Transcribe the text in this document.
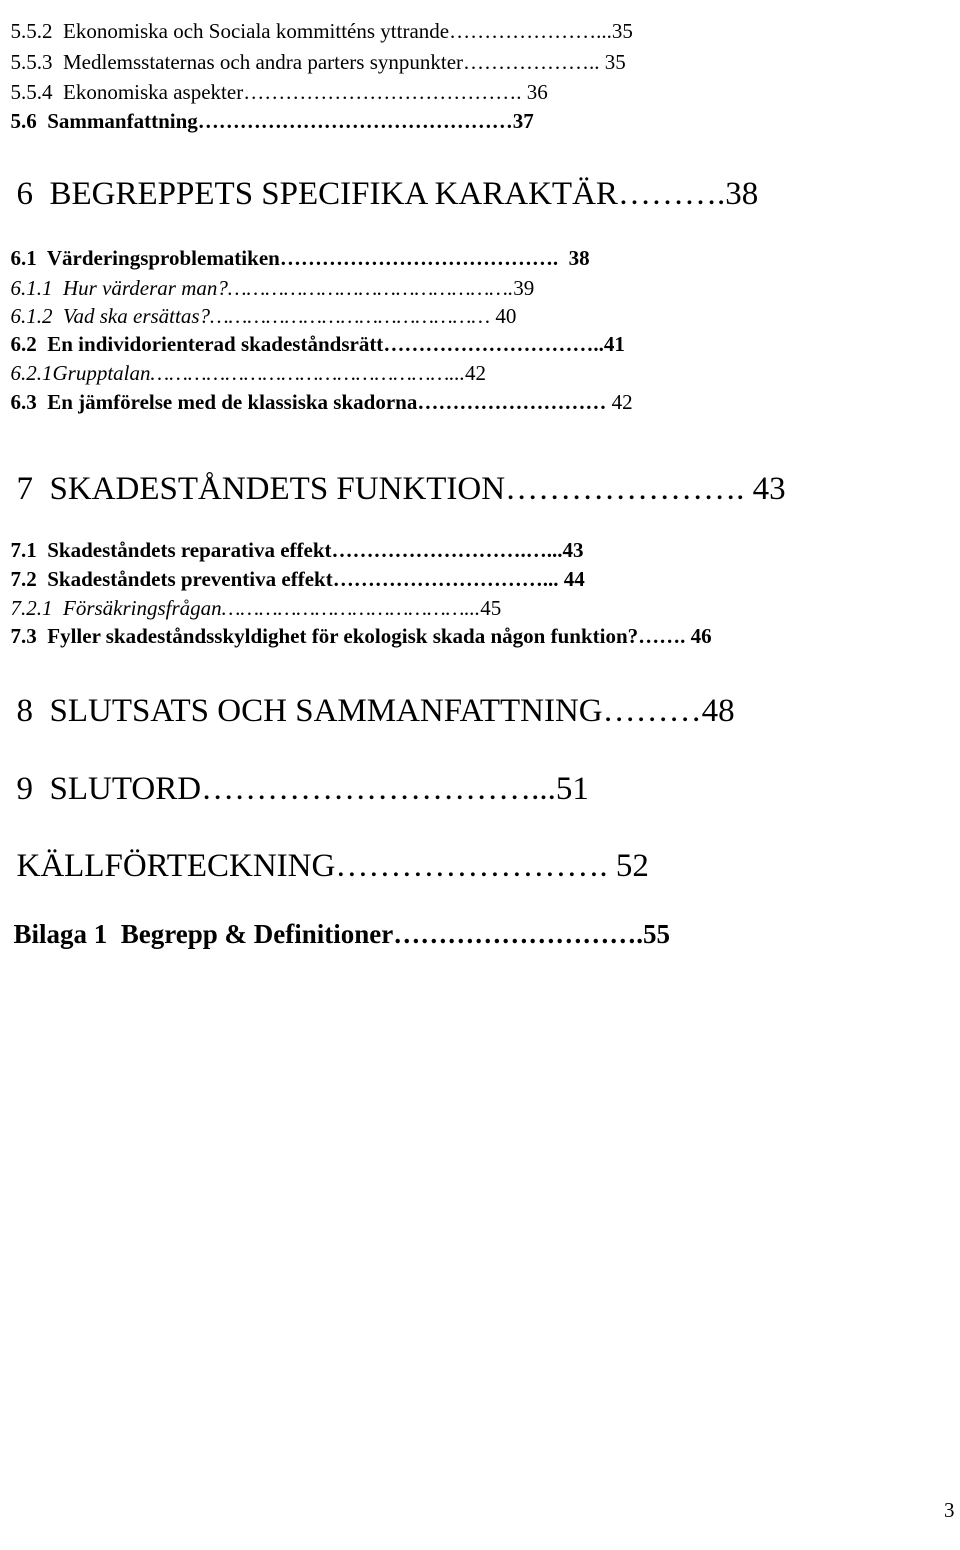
5.5.2  Ekonomiska och Sociala kommitténs yttrande…………………...35

5.5.3  Medlemsstaternas och andra parters synpunkter……………….. 35

5.5.4  Ekonomiska aspekter…………………………………. 36

5.6  Sammanfattning………………………………………37

6  BEGREPPETS SPECIFIKA KARAKTÄR……….38

6.1  Värderingsproblematiken………………………………….  38

6.1.1  Hur värderar man?……………………………………….39

6.1.2  Vad ska ersättas?……………………………………… 40

6.2  En individorienterad skadeståndsrätt…………………………..41

6.2.1Grupptalan…………………………………………...42

6.3  En jämförelse med de klassiska skadorna……………………… 42

7  SKADESTÅNDETS FUNKTION…………………. 43

7.1  Skadeståndets reparativa effekt……………………….…...43

7.2  Skadeståndets preventiva effekt…………………………... 44

7.2.1  Försäkringsfrågan…………………………………...45

7.3  Fyller skadeståndsskyldighet för ekologisk skada någon funktion?……. 46

8  SLUTSATS OCH SAMMANFATTNING………48

9  SLUTORD…………………………...51

KÄLLFÖRTECKNING……………………. 52

Bilaga 1  Begrepp & Definitioner……………………….55

3
